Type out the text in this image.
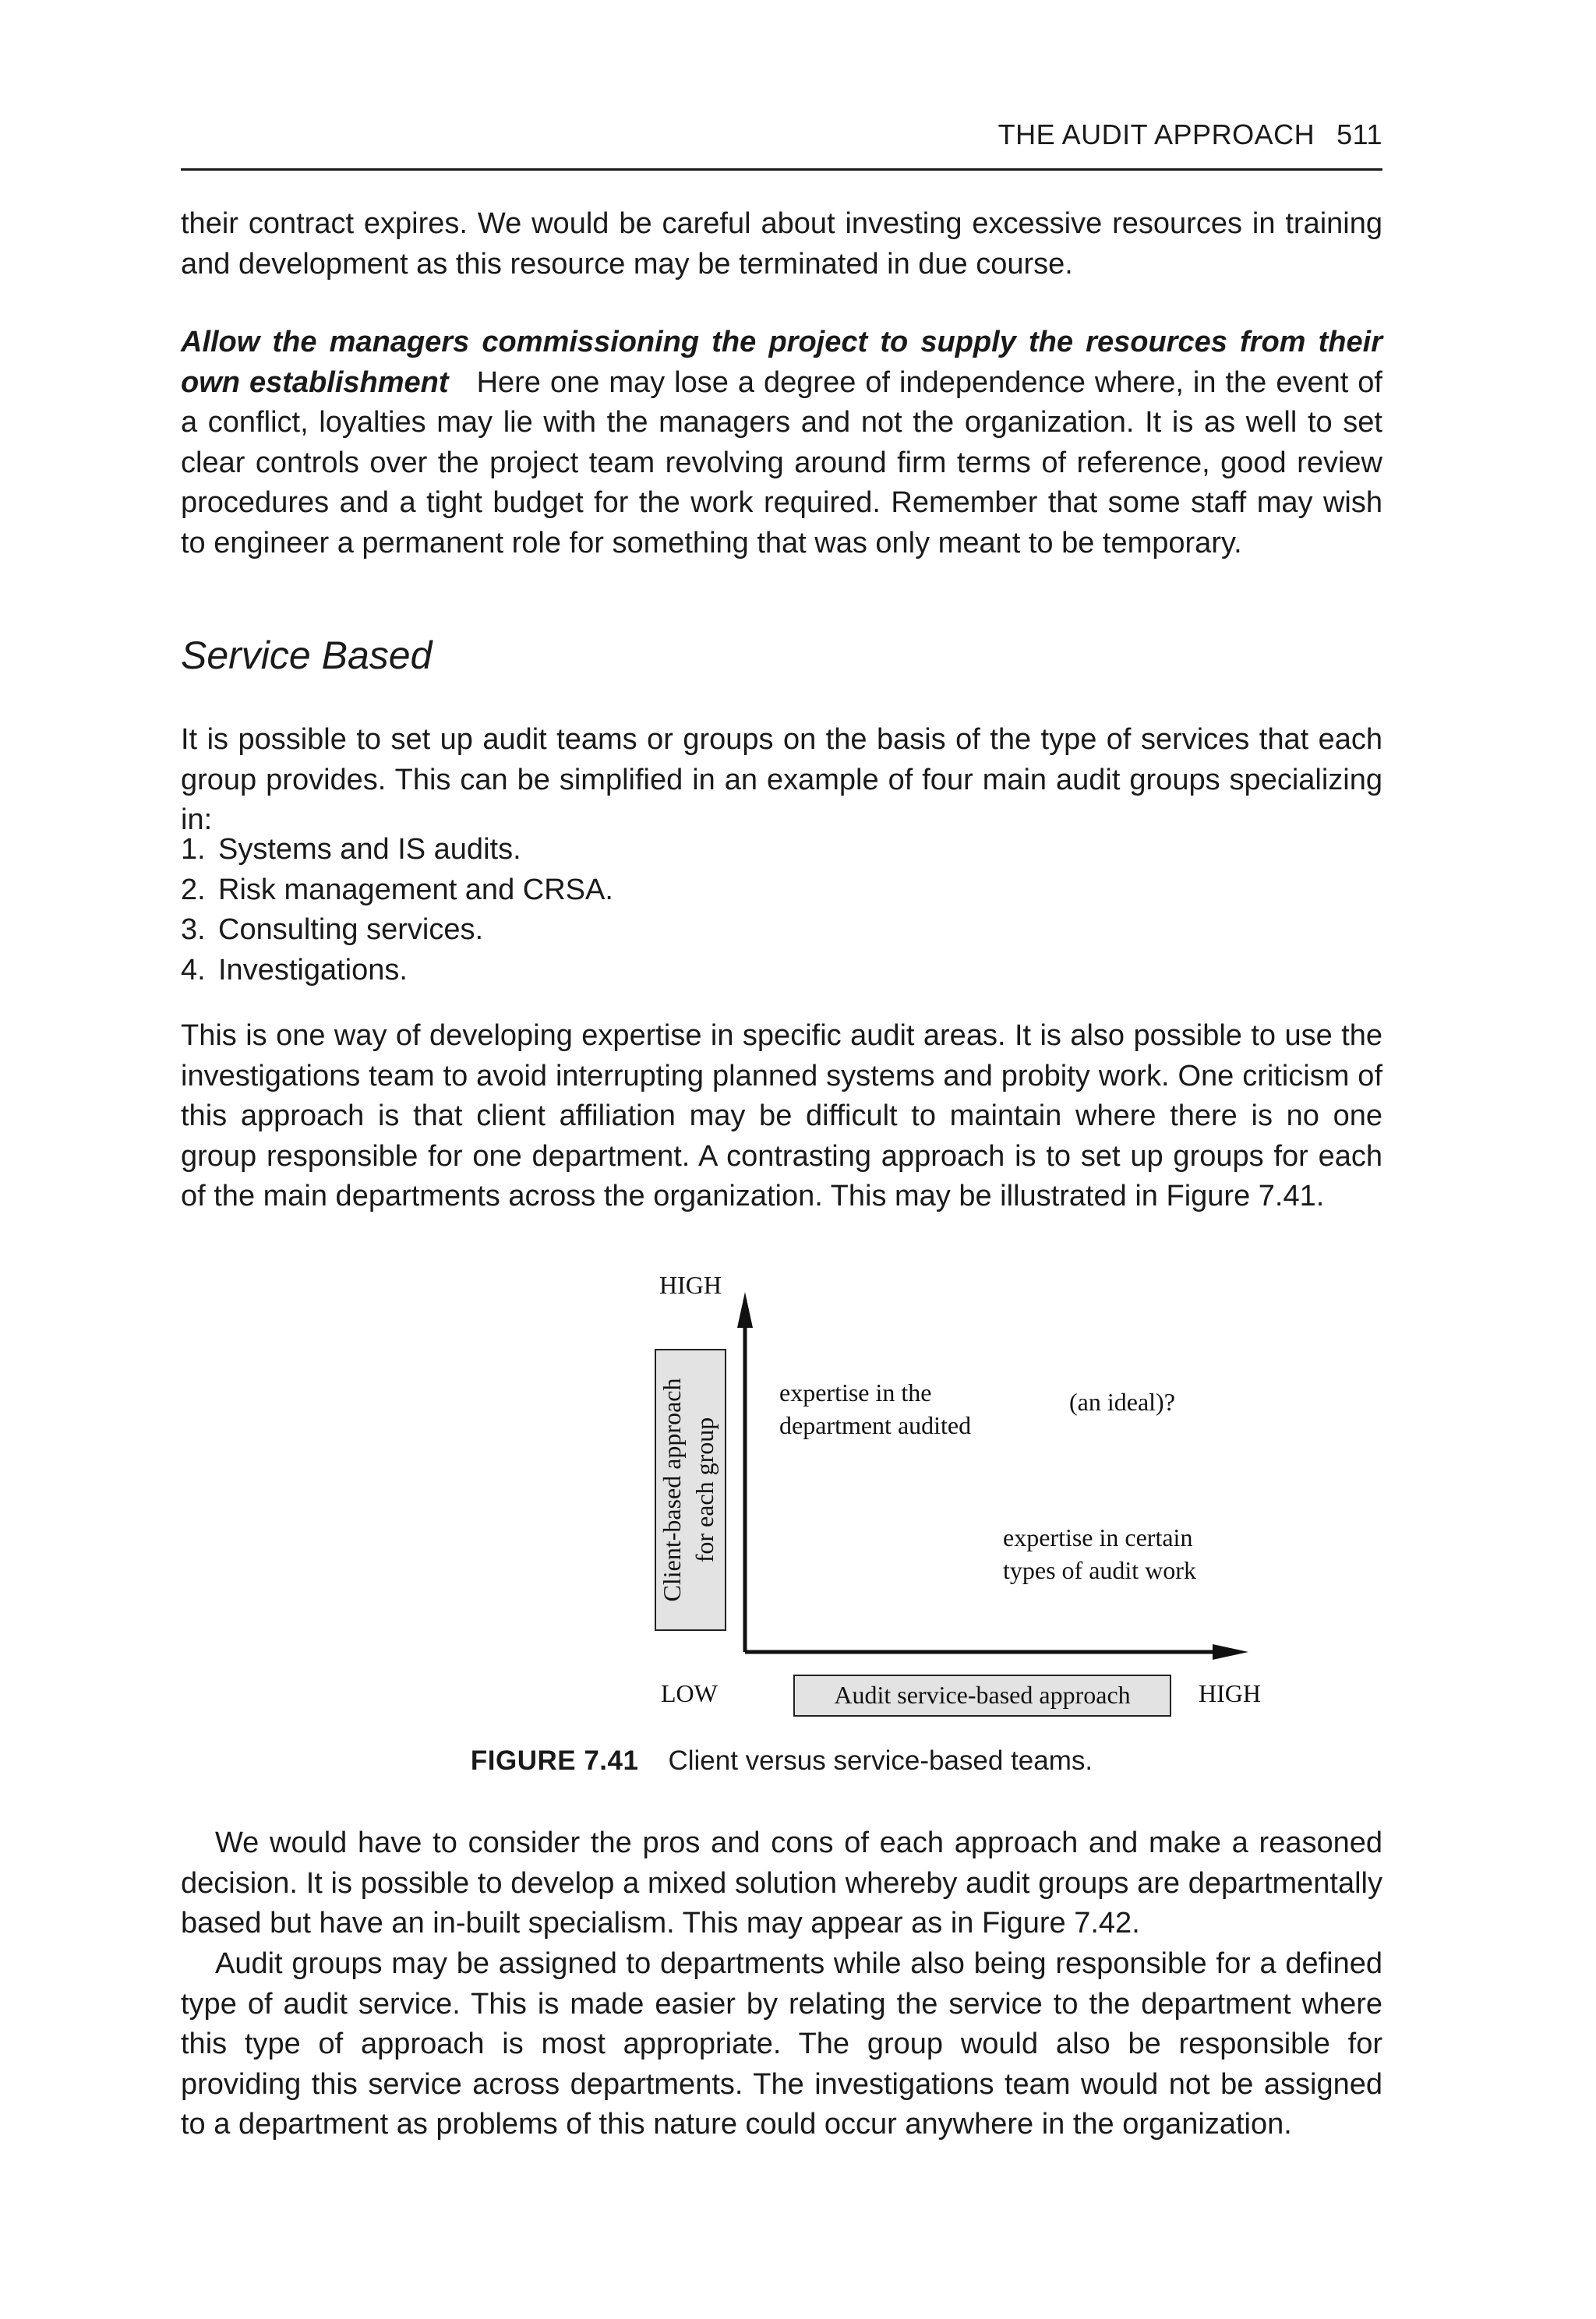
THE AUDIT APPROACH 511

their contract expires. We would be careful about investing excessive resources in training and development as this resource may be terminated in due course.

Allow the managers commissioning the project to supply the resources from their own establishment Here one may lose a degree of independence where, in the event of a conflict, loyalties may lie with the managers and not the organization. It is as well to set clear controls over the project team revolving around firm terms of reference, good review procedures and a tight budget for the work required. Remember that some staff may wish to engineer a permanent role for something that was only meant to be temporary.

Service Based

It is possible to set up audit teams or groups on the basis of the type of services that each group provides. This can be simplified in an example of four main audit groups specializing in:

1. Systems and IS audits.
2. Risk management and CRSA.
3. Consulting services.
4. Investigations.

This is one way of developing expertise in specific audit areas. It is also possible to use the investigations team to avoid interrupting planned systems and probity work. One criticism of this approach is that client affiliation may be difficult to maintain where there is no one group responsible for one department. A contrasting approach is to set up groups for each of the main departments across the organization. This may be illustrated in Figure 7.41.

HIGH
Client-based approach for each group
expertise in the
department audited
(an ideal)?
expertise in certain
types of audit work
LOW	Audit service-based approach	HIGH
FIGURE 7.41 Client versus service-based teams.

We would have to consider the pros and cons of each approach and make a reasoned decision. It is possible to develop a mixed solution whereby audit groups are departmentally based but have an in-built specialism. This may appear as in Figure 7.42.

Audit groups may be assigned to departments while also being responsible for a defined type of audit service. This is made easier by relating the service to the department where this type of approach is most appropriate. The group would also be responsible for providing this service across departments. The investigations team would not be assigned to a department as problems of this nature could occur anywhere in the organization.
